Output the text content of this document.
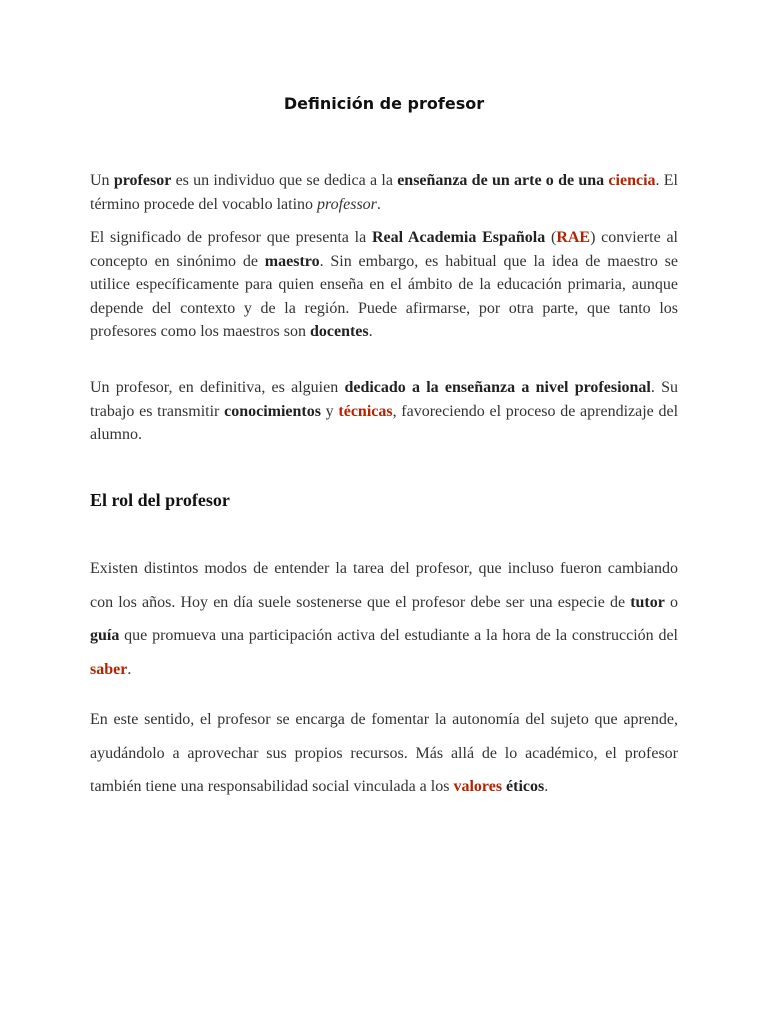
Definición de profesor

Un profesor es un individuo que se dedica a la enseñanza de un arte o de una ciencia. El término procede del vocablo latino professor.

El significado de profesor que presenta la Real Academia Española (RAE) convierte al concepto en sinónimo de maestro. Sin embargo, es habitual que la idea de maestro se utilice específicamente para quien enseña en el ámbito de la educación primaria, aunque depende del contexto y de la región. Puede afirmarse, por otra parte, que tanto los profesores como los maestros son docentes.

Un profesor, en definitiva, es alguien dedicado a la enseñanza a nivel profesional. Su trabajo es transmitir conocimientos y técnicas, favoreciendo el proceso de aprendizaje del alumno.

El rol del profesor

Existen distintos modos de entender la tarea del profesor, que incluso fueron cambiando con los años. Hoy en día suele sostenerse que el profesor debe ser una especie de tutor o guía que promueva una participación activa del estudiante a la hora de la construcción del saber.

En este sentido, el profesor se encarga de fomentar la autonomía del sujeto que aprende, ayudándolo a aprovechar sus propios recursos. Más allá de lo académico, el profesor también tiene una responsabilidad social vinculada a los valores éticos.
